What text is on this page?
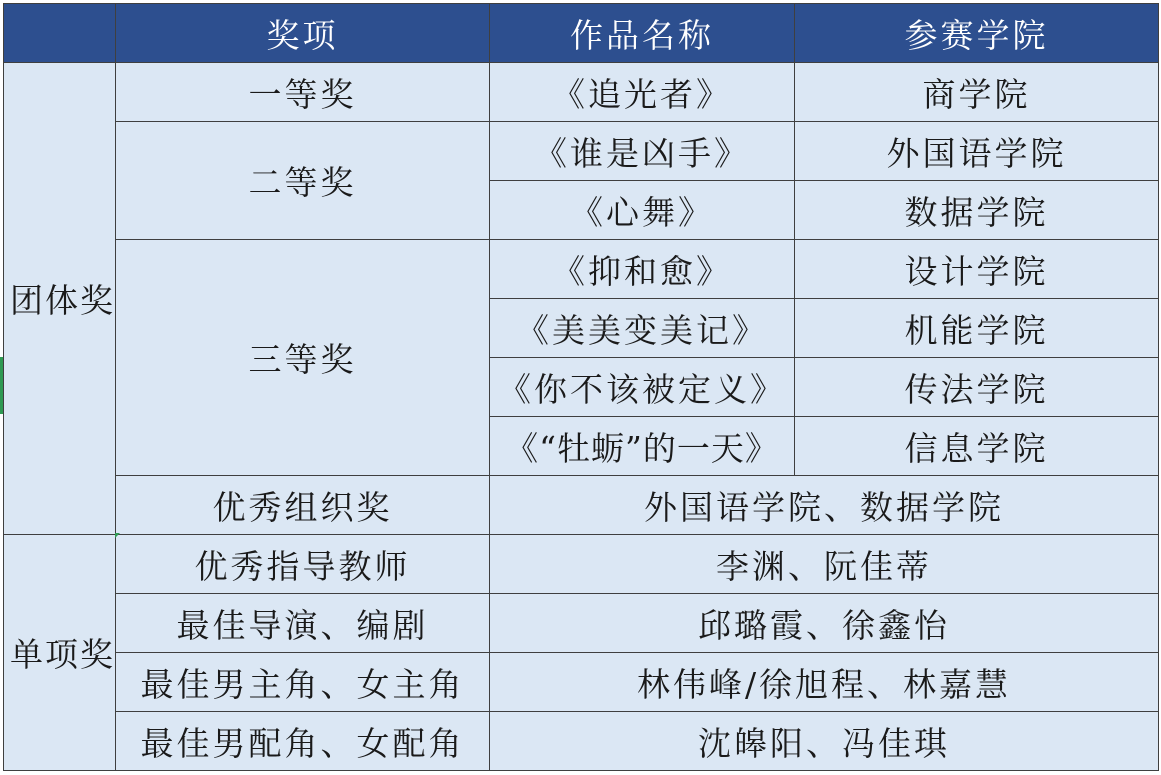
	奖项	作品名称	参赛学院
团体奖	一等奖	《追光者》	商学院
	二等奖	《谁是凶手》	外国语学院
		《心舞》	数据学院
	三等奖	《抑和愈》	设计学院
		《美美变美记》	机能学院
		《你不该被定义》	传法学院
		《“牡蛎”的一天》	信息学院
	优秀组织奖	外国语学院、数据学院	
单项奖	优秀指导教师	李渊、阮佳蒂	
	最佳导演、编剧	邱璐霞、徐鑫怡	
	最佳男主角、女主角	林伟峰/徐旭程、林嘉慧	
	最佳男配角、女配角	沈皞阳、冯佳琪	
